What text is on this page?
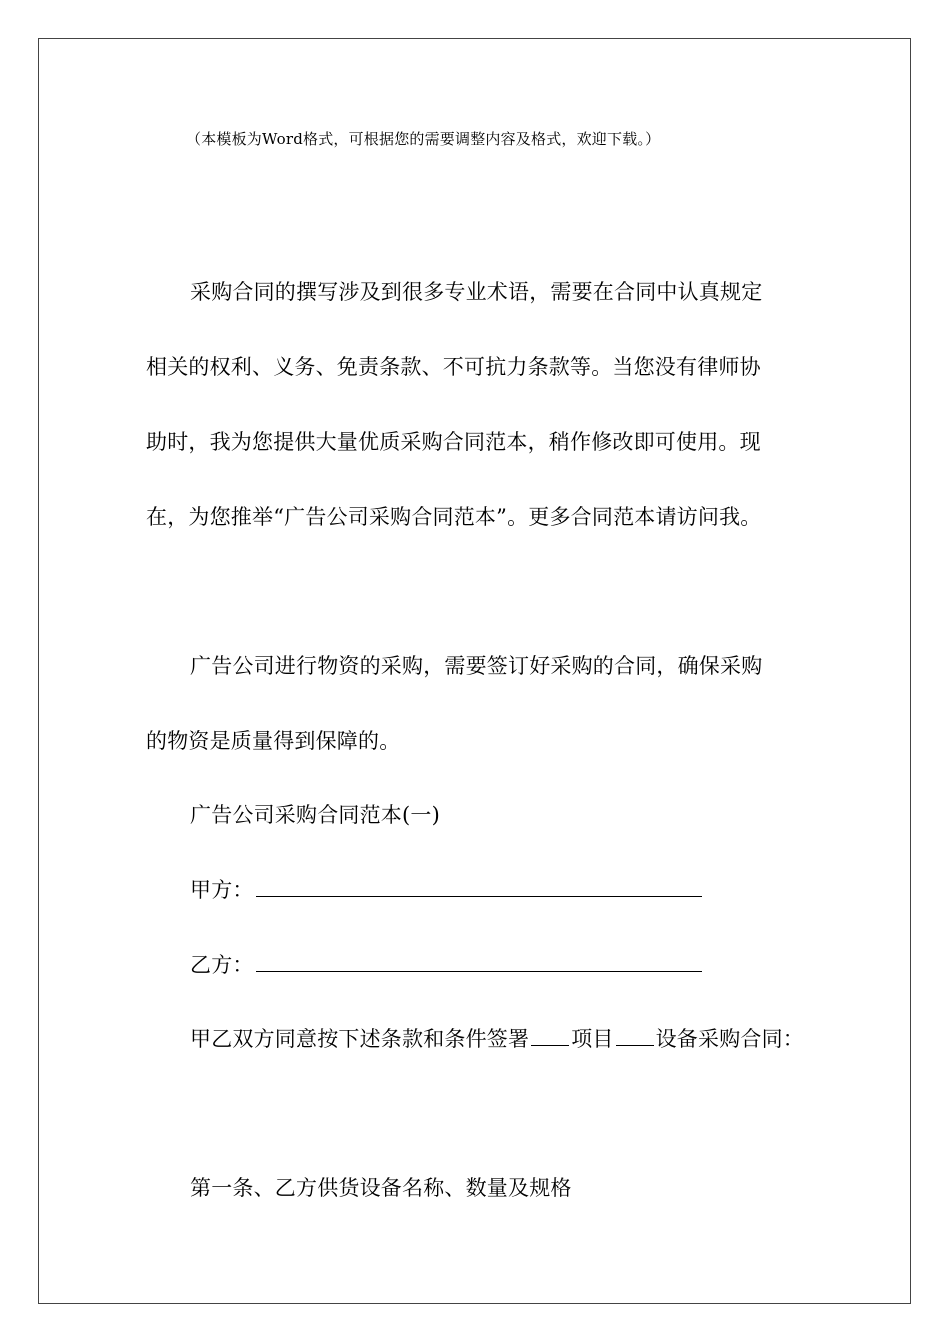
（本模板为Word格式，可根据您的需要调整内容及格式，欢迎下载。）
采购合同的撰写涉及到很多专业术语，需要在合同中认真规定
相关的权利、义务、免责条款、不可抗力条款等。当您没有律师协
助时，我为您提供大量优质采购合同范本，稍作修改即可使用。现
在，为您推举“广告公司采购合同范本”。更多合同范本请访问我。
广告公司进行物资的采购，需要签订好采购的合同，确保采购
的物资是质量得到保障的。
广告公司采购合同范本(一)
甲方：
乙方：
甲乙双方同意按下述条款和条件签署 项目 设备采购合同：
第一条、乙方供货设备名称、数量及规格
